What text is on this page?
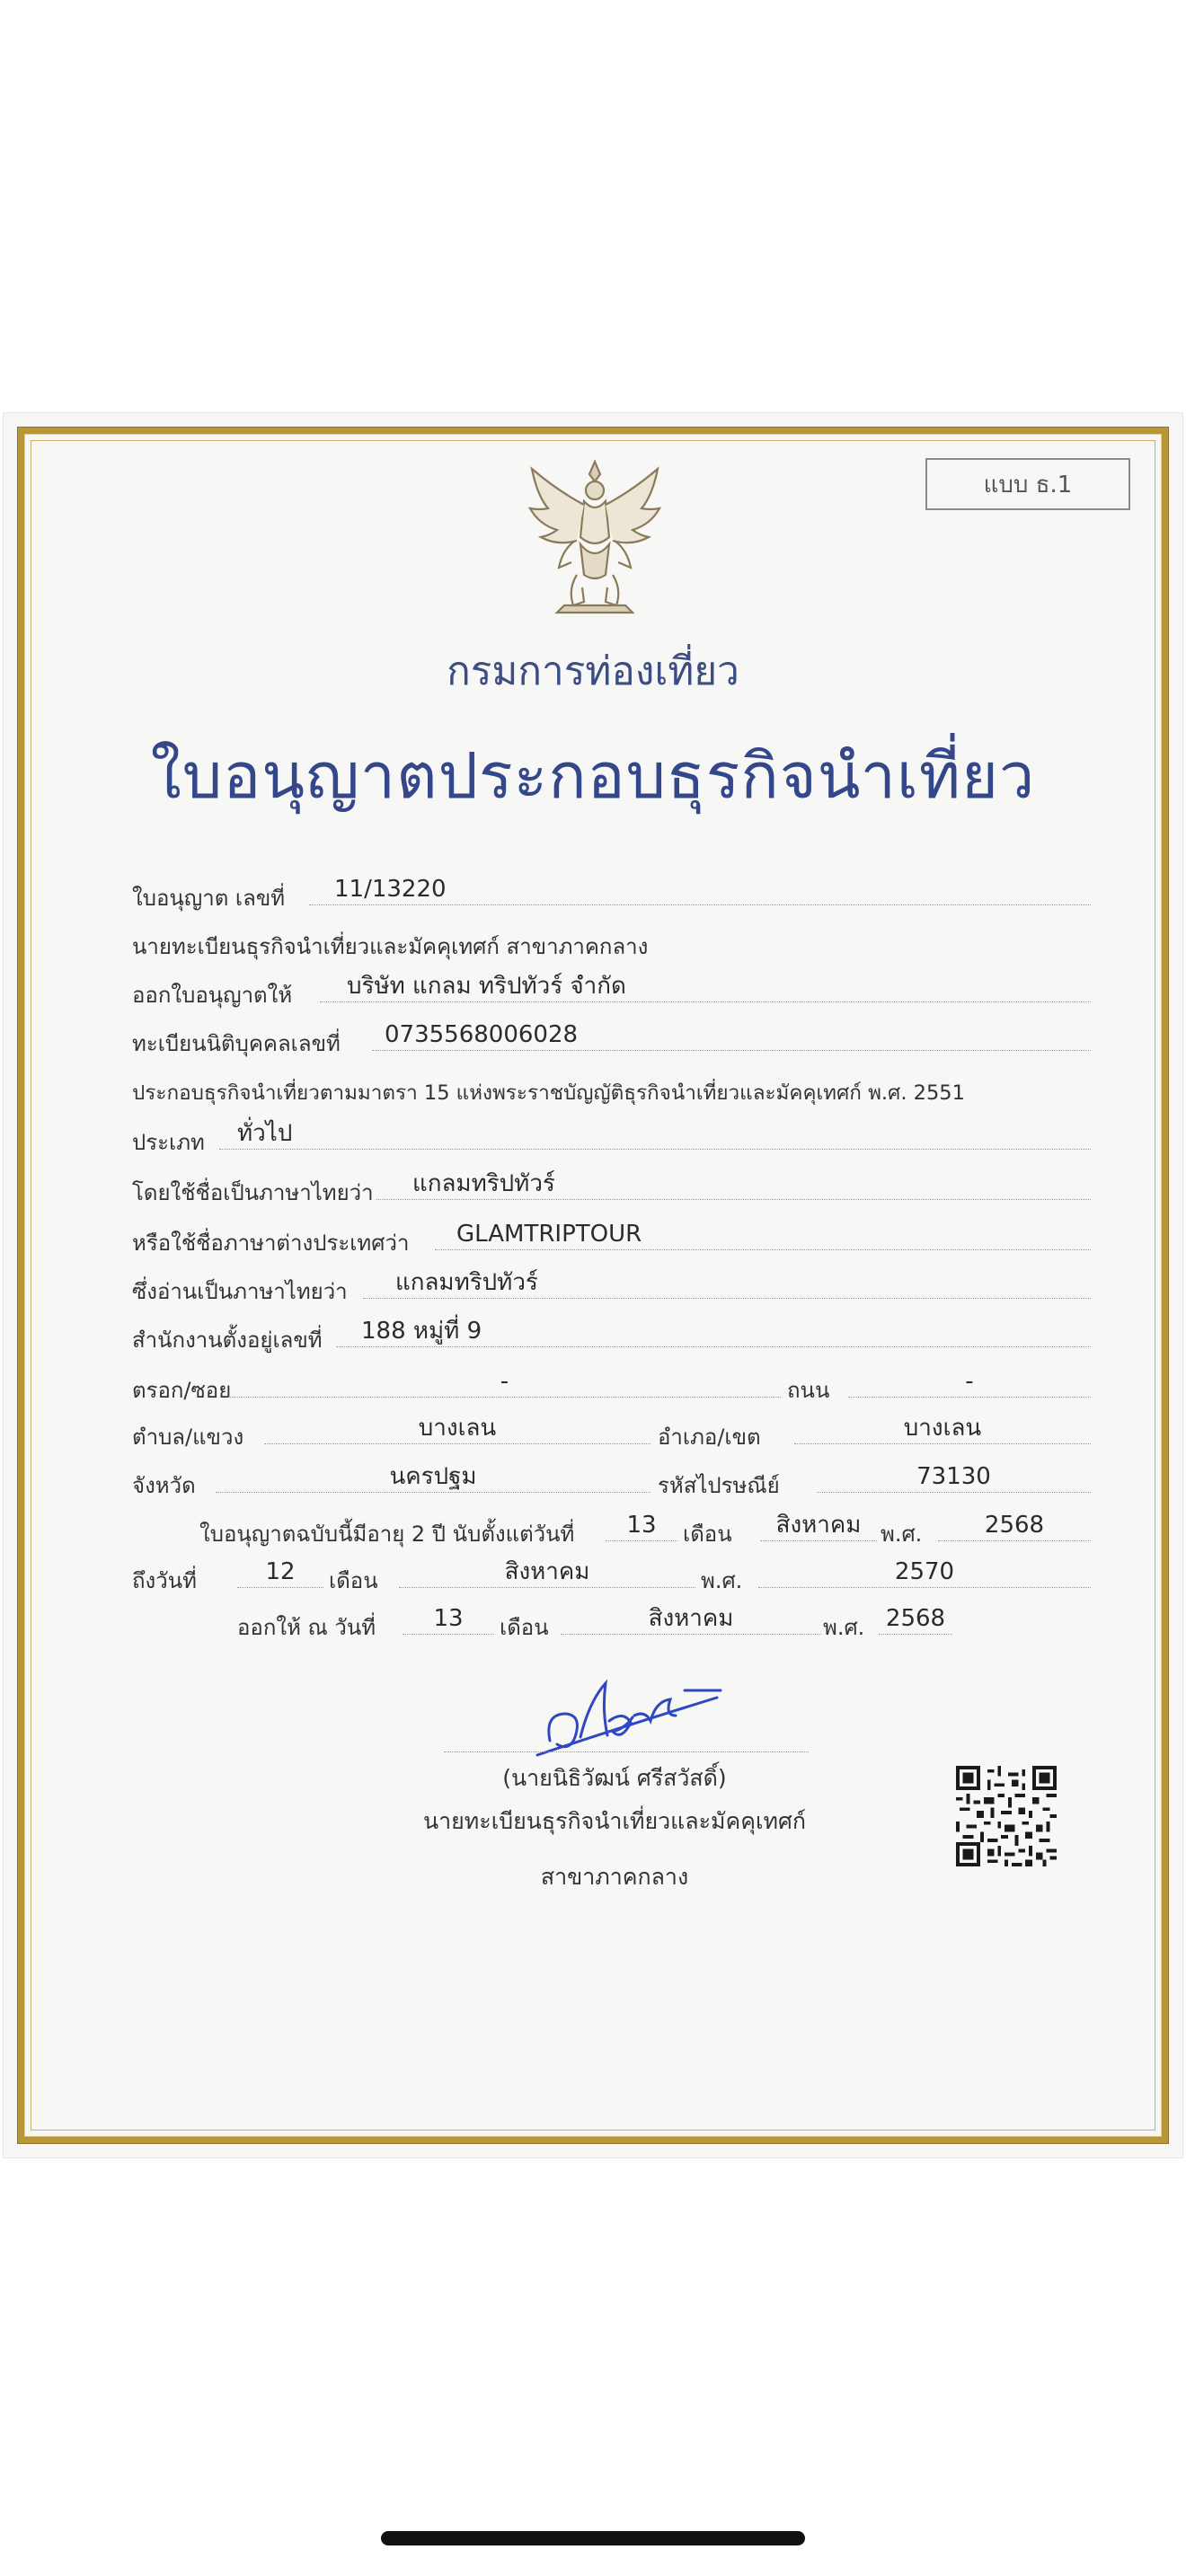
แบบ ธ.1
กรมการท่องเที่ยว
ใบอนุญาตประกอบธุรกิจนำเที่ยว
ใบอนุญาต เลขที่	11/13220
นายทะเบียนธุรกิจนำเที่ยวและมัคคุเทศก์ สาขาภาคกลาง
ออกใบอนุญาตให้	บริษัท แกลม ทริปทัวร์ จำกัด
ทะเบียนนิติบุคคลเลขที่	0735568006028
ประกอบธุรกิจนำเที่ยวตามมาตรา 15 แห่งพระราชบัญญัติธุรกิจนำเที่ยวและมัคคุเทศก์ พ.ศ. 2551
ประเภท	ทั่วไป
โดยใช้ชื่อเป็นภาษาไทยว่า	แกลมทริปทัวร์
หรือใช้ชื่อภาษาต่างประเทศว่า	GLAMTRIPTOUR
ซึ่งอ่านเป็นภาษาไทยว่า	แกลมทริปทัวร์
สำนักงานตั้งอยู่เลขที่	188 หมู่ที่ 9
ตรอก/ซอย	-	ถนน	-
ตำบล/แขวง	บางเลน	อำเภอ/เขต	บางเลน
จังหวัด	นครปฐม	รหัสไปรษณีย์	73130
ใบอนุญาตฉบับนี้มีอายุ 2 ปี นับตั้งแต่วันที่	13	เดือน	สิงหาคม พ.ศ.	2568
ถึงวันที่	12	เดือน	สิงหาคม	พ.ศ.	2570
ออกให้ ณ วันที่	13	เดือน	สิงหาคม	พ.ศ. 2568
(นายนิธิวัฒน์ ศรีสวัสดิ์)
นายทะเบียนธุรกิจนำเที่ยวและมัคคุเทศก์
สาขาภาคกลาง
